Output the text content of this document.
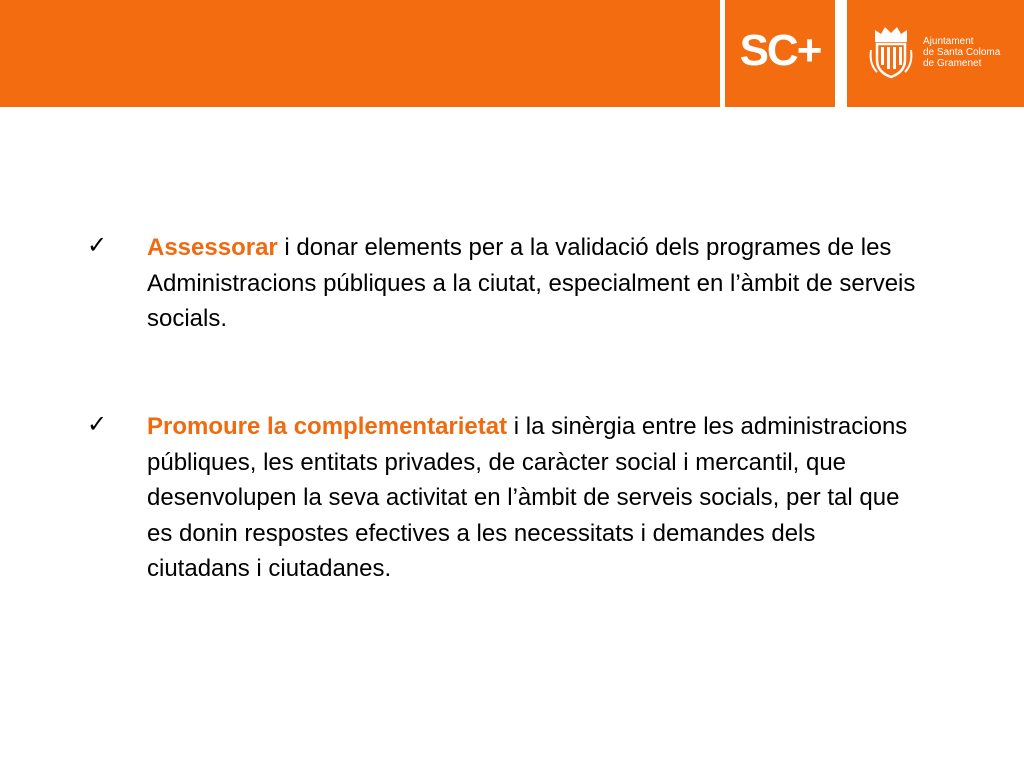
SC+	Ajuntament
de Santa Coloma
de Gramenet
✓ Assessorar i donar elements per a la validació dels programes de les Administracions públiques a la ciutat, especialment en l’àmbit de serveis socials.

✓ Promoure la complementarietat i la sinèrgia entre les administracions públiques, les entitats privades, de caràcter social i mercantil, que desenvolupen la seva activitat en l’àmbit de serveis socials, per tal que es donin respostes efectives a les necessitats i demandes dels ciutadans i ciutadanes.
